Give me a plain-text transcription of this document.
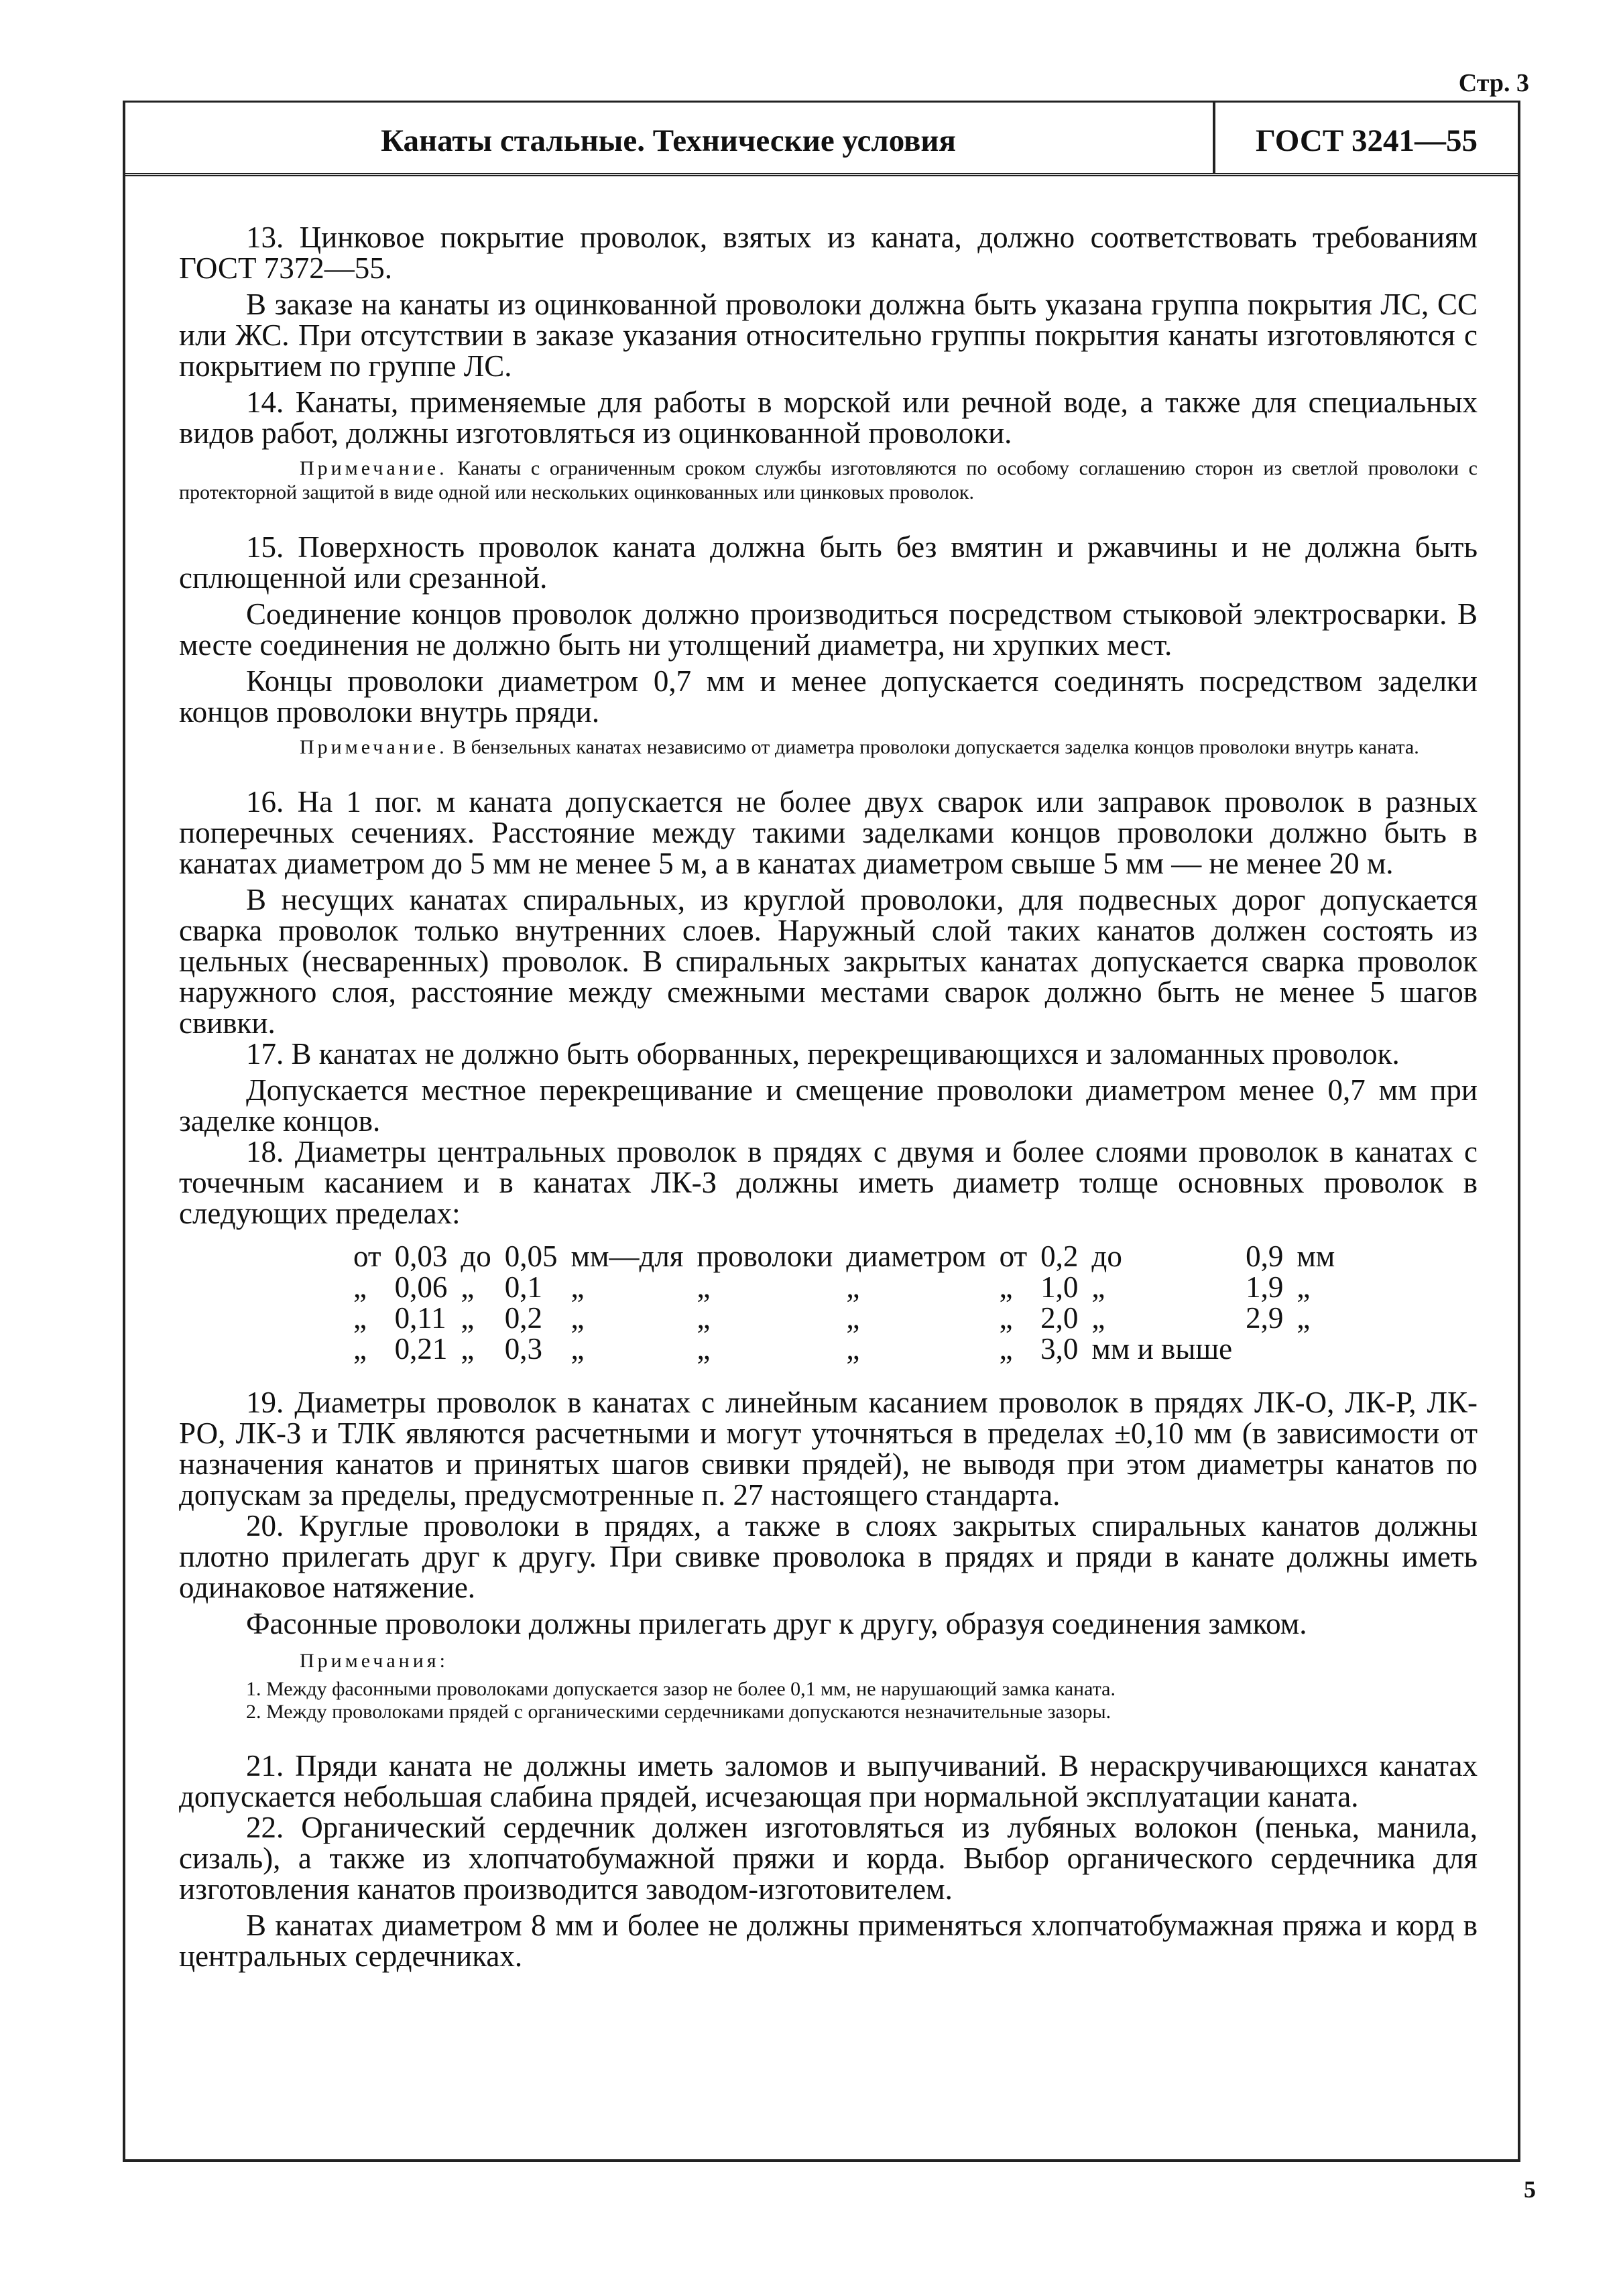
Стр. 3
Канаты стальные. Технические условия	ГОСТ 3241—55

13. Цинковое покрытие проволок, взятых из каната, должно соответствовать требованиям ГОСТ 7372—55.

В заказе на канаты из оцинкованной проволоки должна быть указана группа покрытия ЛС, СС или ЖС. При отсутствии в заказе указания относительно группы покрытия канаты изготовляются с покрытием по группе ЛС.

14. Канаты, применяемые для работы в морской или речной воде, а также для специальных видов работ, должны изготовляться из оцинкованной проволоки.

Примечание. Канаты с ограниченным сроком службы изготовляются по особому соглашению сторон из светлой проволоки с протекторной защитой в виде одной или нескольких оцинкованных или цинковых проволок.

15. Поверхность проволок каната должна быть без вмятин и ржавчины и не должна быть сплющенной или срезанной.

Соединение концов проволок должно производиться посредством стыковой электросварки. В месте соединения не должно быть ни утолщений диаметра, ни хрупких мест.

Концы проволоки диаметром 0,7 мм и менее допускается соединять посредством заделки концов проволоки внутрь пряди.

Примечание. В бензельных канатах независимо от диаметра проволоки допускается заделка концов проволоки внутрь каната.

16. На 1 пог. м каната допускается не более двух сварок или заправок проволок в разных поперечных сечениях. Расстояние между такими заделками концов проволоки должно быть в канатах диаметром до 5 мм не менее 5 м, а в канатах диаметром свыше 5 мм — не менее 20 м.

В несущих канатах спиральных, из круглой проволоки, для подвесных дорог допускается сварка проволок только внутренних слоев. Наружный слой таких канатов должен состоять из цельных (несваренных) проволок. В спиральных закрытых канатах допускается сварка проволок наружного слоя, расстояние между смежными местами сварок должно быть не менее 5 шагов свивки.

17. В канатах не должно быть оборванных, перекрещивающихся и заломанных проволок.

Допускается местное перекрещивание и смещение проволоки диаметром менее 0,7 мм при заделке концов.

18. Диаметры центральных проволок в прядях с двумя и более слоями проволок в канатах с точечным касанием и в канатах ЛК-З должны иметь диаметр толще основных проволок в следующих пределах:

от	0,03	до	0,05	мм—для	проволоки	диаметром	от	0,2	до	0,9	мм
„	0,06	„	0,1	„	„	„	„	1,0	„	1,9	„
„	0,11	„	0,2	„	„	„	„	2,0	„	2,9	„
„	0,21	„	0,3	„	„	„	„	3,0	мм и выше		

19. Диаметры проволок в канатах с линейным касанием проволок в прядях ЛК-О, ЛК-Р, ЛК-РО, ЛК-З и ТЛК являются расчетными и могут уточняться в пределах ±0,10 мм (в зависимости от назначения канатов и принятых шагов свивки прядей), не выводя при этом диаметры канатов по допускам за пределы, предусмотренные п. 27 настоящего стандарта.

20. Круглые проволоки в прядях, а также в слоях закрытых спиральных канатов должны плотно прилегать друг к другу. При свивке проволока в прядях и пряди в канате должны иметь одинаковое натяжение.

Фасонные проволоки должны прилегать друг к другу, образуя соединения замком.

Примечания:

1. Между фасонными проволоками допускается зазор не более 0,1 мм, не нарушающий замка каната.

2. Между проволоками прядей с органическими сердечниками допускаются незначительные зазоры.

21. Пряди каната не должны иметь заломов и выпучиваний. В нераскручивающихся канатах допускается небольшая слабина прядей, исчезающая при нормальной эксплуатации каната.

22. Органический сердечник должен изготовляться из лубяных волокон (пенька, манила, сизаль), а также из хлопчатобумажной пряжи и корда. Выбор органического сердечника для изготовления канатов производится заводом-изготовителем.

В канатах диаметром 8 мм и более не должны применяться хлопчатобумажная пряжа и корд в центральных сердечниках.

5
